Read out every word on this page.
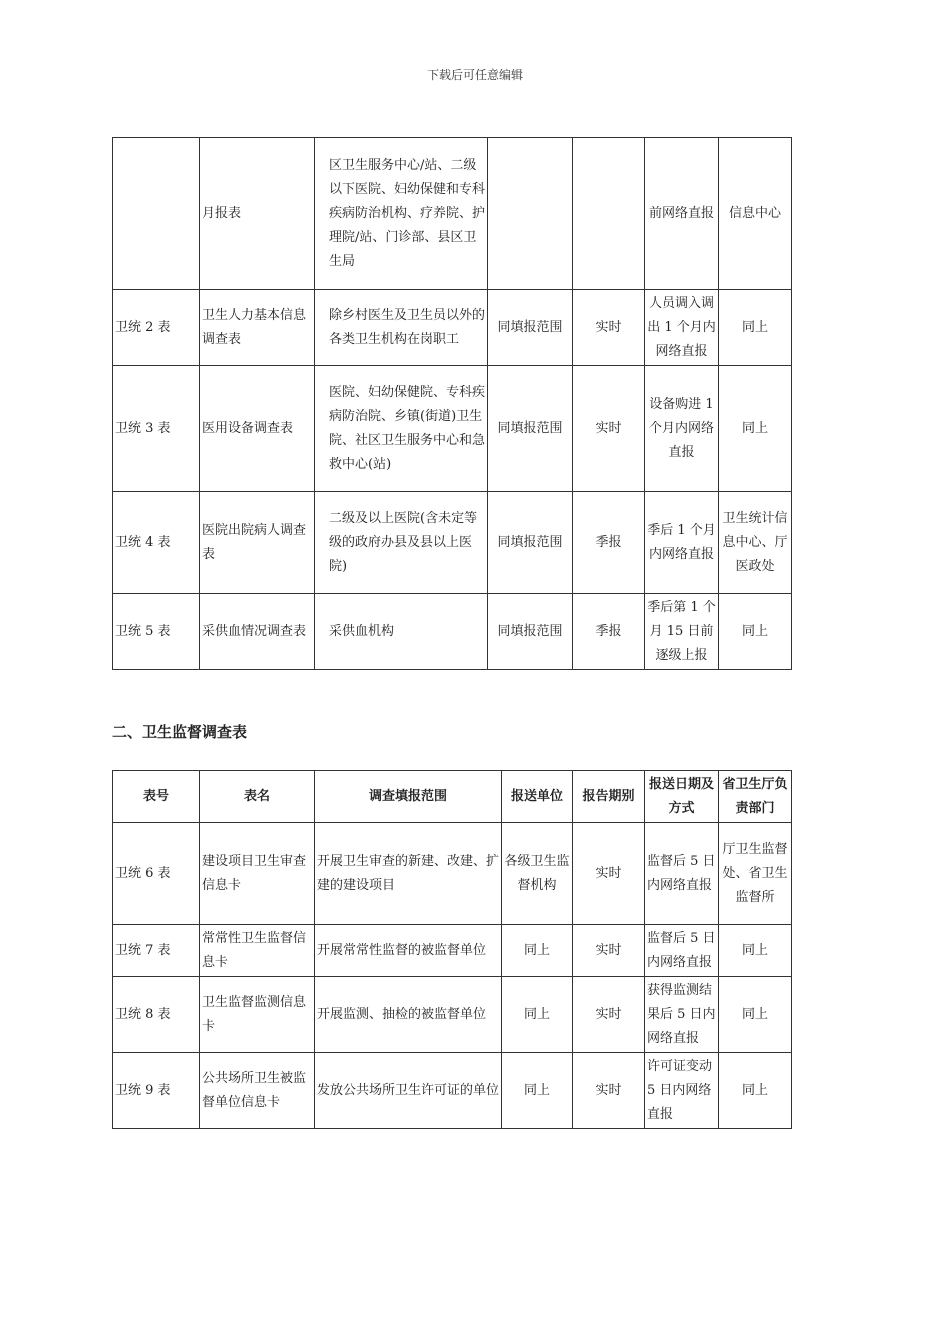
下载后可任意编辑
	月报表	区卫生服务中心/站、二级以下医院、妇幼保健和专科疾病防治机构、疗养院、护理院/站、门诊部、县区卫生局			前网络直报	信息中心
卫统 2 表	卫生人力基本信息调查表	除乡村医生及卫生员以外的各类卫生机构在岗职工	同填报范围	实时	人员调入调出 1 个月内网络直报	同上
卫统 3 表	医用设备调查表	医院、妇幼保健院、专科疾病防治院、乡镇(街道)卫生院、社区卫生服务中心和急救中心(站)	同填报范围	实时	设备购进 1 个月内网络直报	同上
卫统 4 表	医院出院病人调查表	二级及以上医院(含未定等级的政府办县及县以上医院)	同填报范围	季报	季后 1 个月内网络直报	卫生统计信息中心、厅医政处
卫统 5 表	采供血情况调查表	采供血机构	同填报范围	季报	季后第 1 个月 15 日前逐级上报	同上
二、卫生监督调查表
表号	表名	调查填报范围	报送单位	报告期别	报送日期及方式	省卫生厅负责部门
卫统 6 表	建设项目卫生审查信息卡	开展卫生审查的新建、改建、扩建的建设项目	各级卫生监督机构	实时	监督后 5 日内网络直报	厅卫生监督处、省卫生监督所
卫统 7 表	常常性卫生监督信息卡	开展常常性监督的被监督单位	同上	实时	监督后 5 日内网络直报	同上
卫统 8 表	卫生监督监测信息卡	开展监测、抽检的被监督单位	同上	实时	获得监测结果后 5 日内网络直报	同上
卫统 9 表	公共场所卫生被监督单位信息卡	发放公共场所卫生许可证的单位	同上	实时	许可证变动 5 日内网络直报	同上
